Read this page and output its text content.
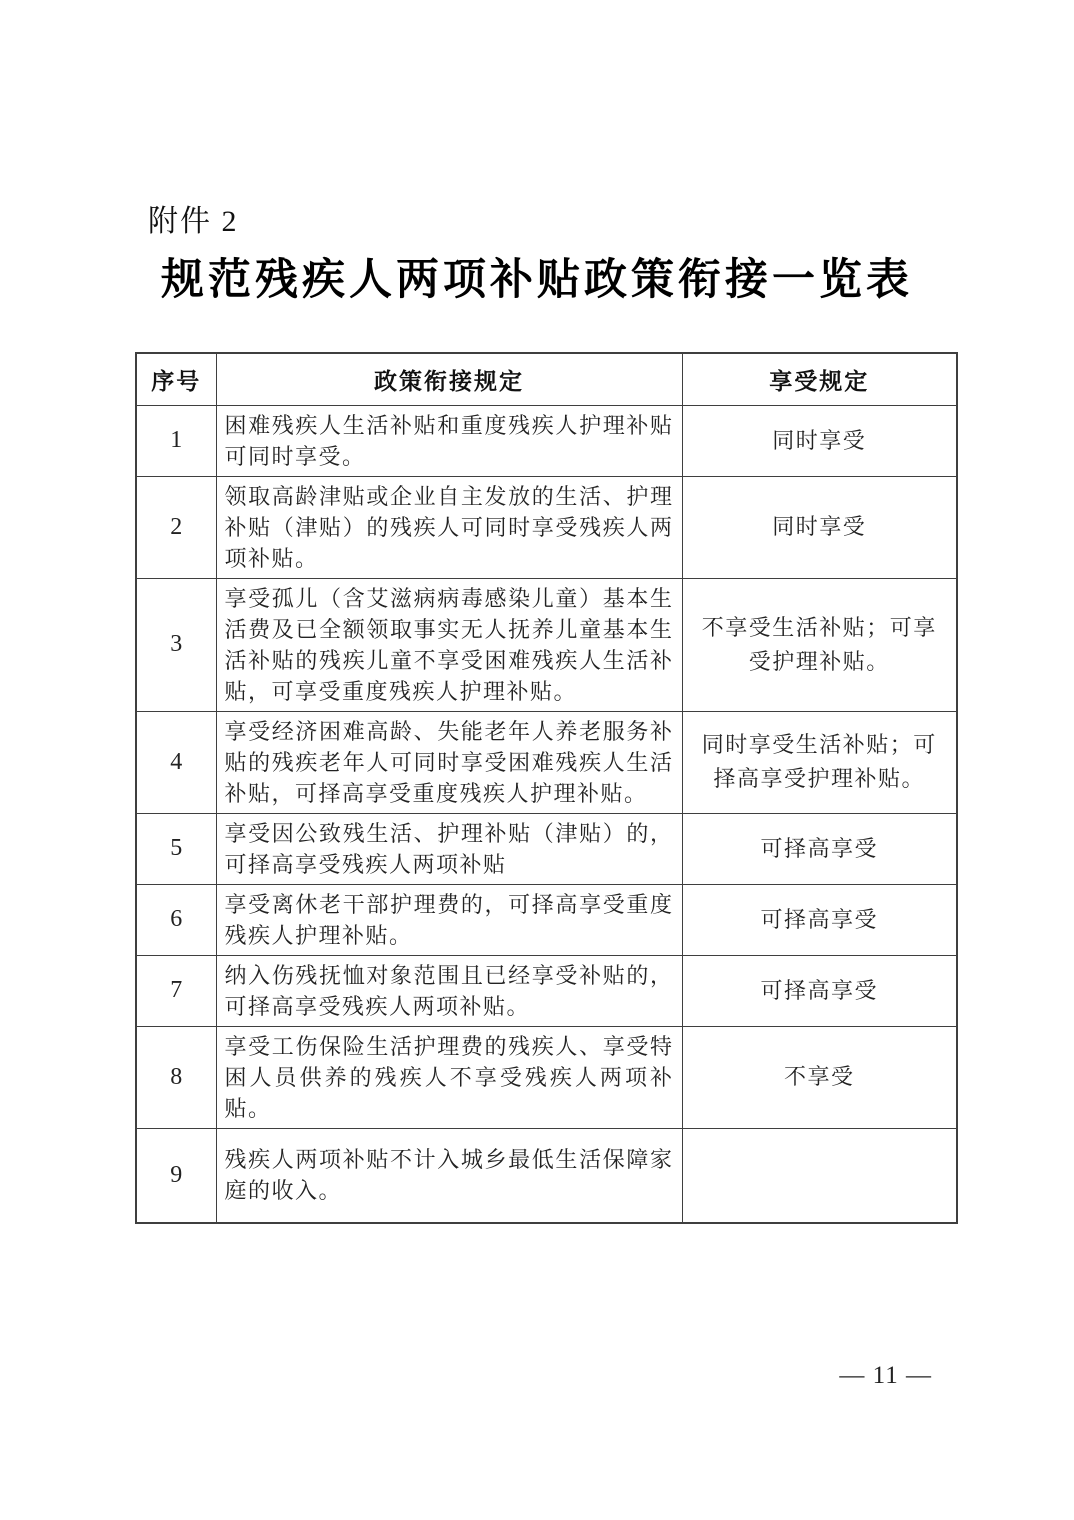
附件 2
规范残疾人两项补贴政策衔接一览表
序号	政策衔接规定	享受规定
1	困难残疾人生活补贴和重度残疾人护理补贴可同时享受。	同时享受
2	领取高龄津贴或企业自主发放的生活、护理补贴（津贴）的残疾人可同时享受残疾人两项补贴。	同时享受
3	享受孤儿（含艾滋病病毒感染儿童）基本生活费及已全额领取事实无人抚养儿童基本生活补贴的残疾儿童不享受困难残疾人生活补贴，可享受重度残疾人护理补贴。	不享受生活补贴；可享受护理补贴。
4	享受经济困难高龄、失能老年人养老服务补贴的残疾老年人可同时享受困难残疾人生活补贴，可择高享受重度残疾人护理补贴。	同时享受生活补贴；可择高享受护理补贴。
5	享受因公致残生活、护理补贴（津贴）的，可择高享受残疾人两项补贴	可择高享受
6	享受离休老干部护理费的，可择高享受重度残疾人护理补贴。	可择高享受
7	纳入伤残抚恤对象范围且已经享受补贴的，可择高享受残疾人两项补贴。	可择高享受
8	享受工伤保险生活护理费的残疾人、享受特困人员供养的残疾人不享受残疾人两项补贴。	不享受
9	残疾人两项补贴不计入城乡最低生活保障家庭的收入。	
— 11 —
